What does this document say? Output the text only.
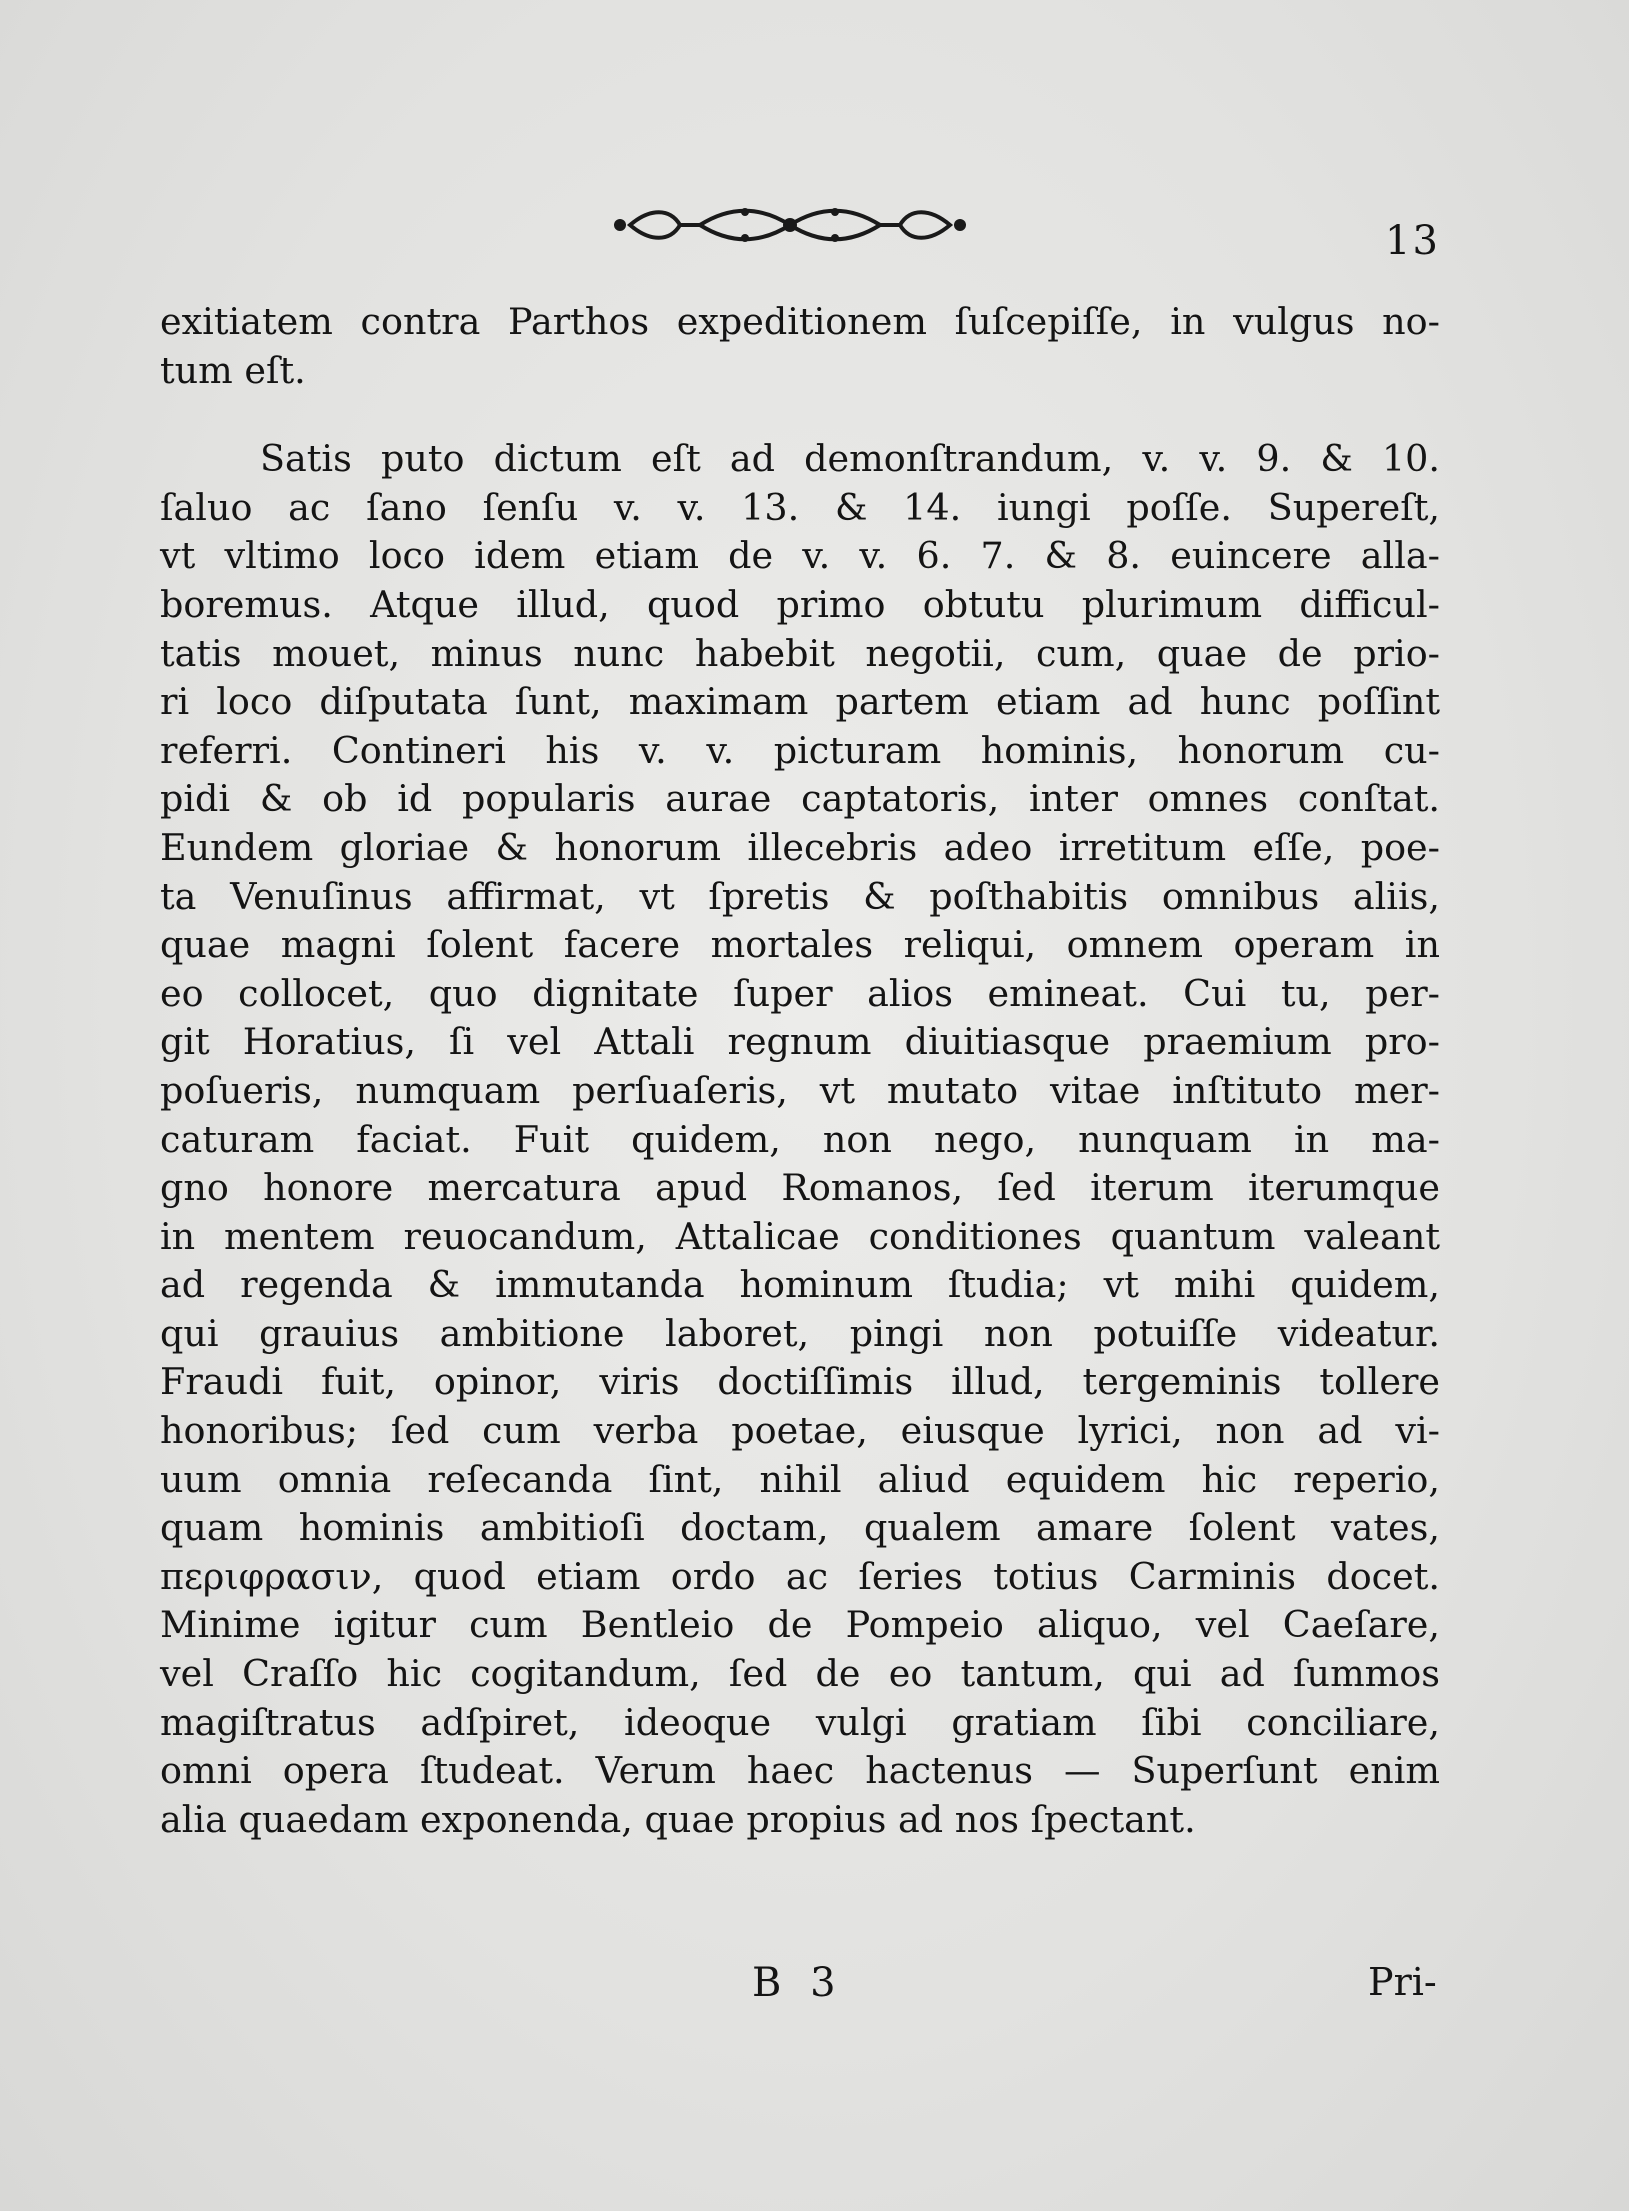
13
exitiatem contra Parthos expeditionem ſuſcepiſſe, in vulgus no-
tum eſt.
Satis puto dictum eſt ad demonſtrandum, v. v. 9. & 10.
ſaluo ac ſano ſenſu v. v. 13. & 14. iungi poſſe. Supereſt,
vt vltimo loco idem etiam de v. v. 6. 7. & 8. euincere alla-
boremus. Atque illud, quod primo obtutu plurimum difficul-
tatis mouet, minus nunc habebit negotii, cum, quae de prio-
ri loco diſputata ſunt, maximam partem etiam ad hunc poſſint
referri. Contineri his v. v. picturam hominis, honorum cu-
pidi & ob id popularis aurae captatoris, inter omnes conſtat.
Eundem gloriae & honorum illecebris adeo irretitum eſſe, poe-
ta Venuſinus affirmat, vt ſpretis & poſthabitis omnibus aliis,
quae magni ſolent facere mortales reliqui, omnem operam in
eo collocet, quo dignitate ſuper alios emineat. Cui tu, per-
git Horatius, ſi vel Attali regnum diuitiasque praemium pro-
poſueris, numquam perſuaſeris, vt mutato vitae inſtituto mer-
caturam faciat. Fuit quidem, non nego, nunquam in ma-
gno honore mercatura apud Romanos, ſed iterum iterumque
in mentem reuocandum, Attalicae conditiones quantum valeant
ad regenda & immutanda hominum ſtudia; vt mihi quidem,
qui grauius ambitione laboret, pingi non potuiſſe videatur.
Fraudi fuit, opinor, viris doctiſſimis illud, tergeminis tollere
honoribus; ſed cum verba poetae, eiusque lyrici, non ad vi-
uum omnia reſecanda ſint, nihil aliud equidem hic reperio,
quam hominis ambitioſi doctam, qualem amare ſolent vates,
περιφρασιν, quod etiam ordo ac ſeries totius Carminis docet.
Minime igitur cum Bentleio de Pompeio aliquo, vel Caeſare,
vel Craſſo hic cogitandum, ſed de eo tantum, qui ad ſummos
magiſtratus adſpiret, ideoque vulgi gratiam ſibi conciliare,
omni opera ſtudeat. Verum haec hactenus — Superſunt enim
alia quaedam exponenda, quae propius ad nos ſpectant.
B 3	Pri-
